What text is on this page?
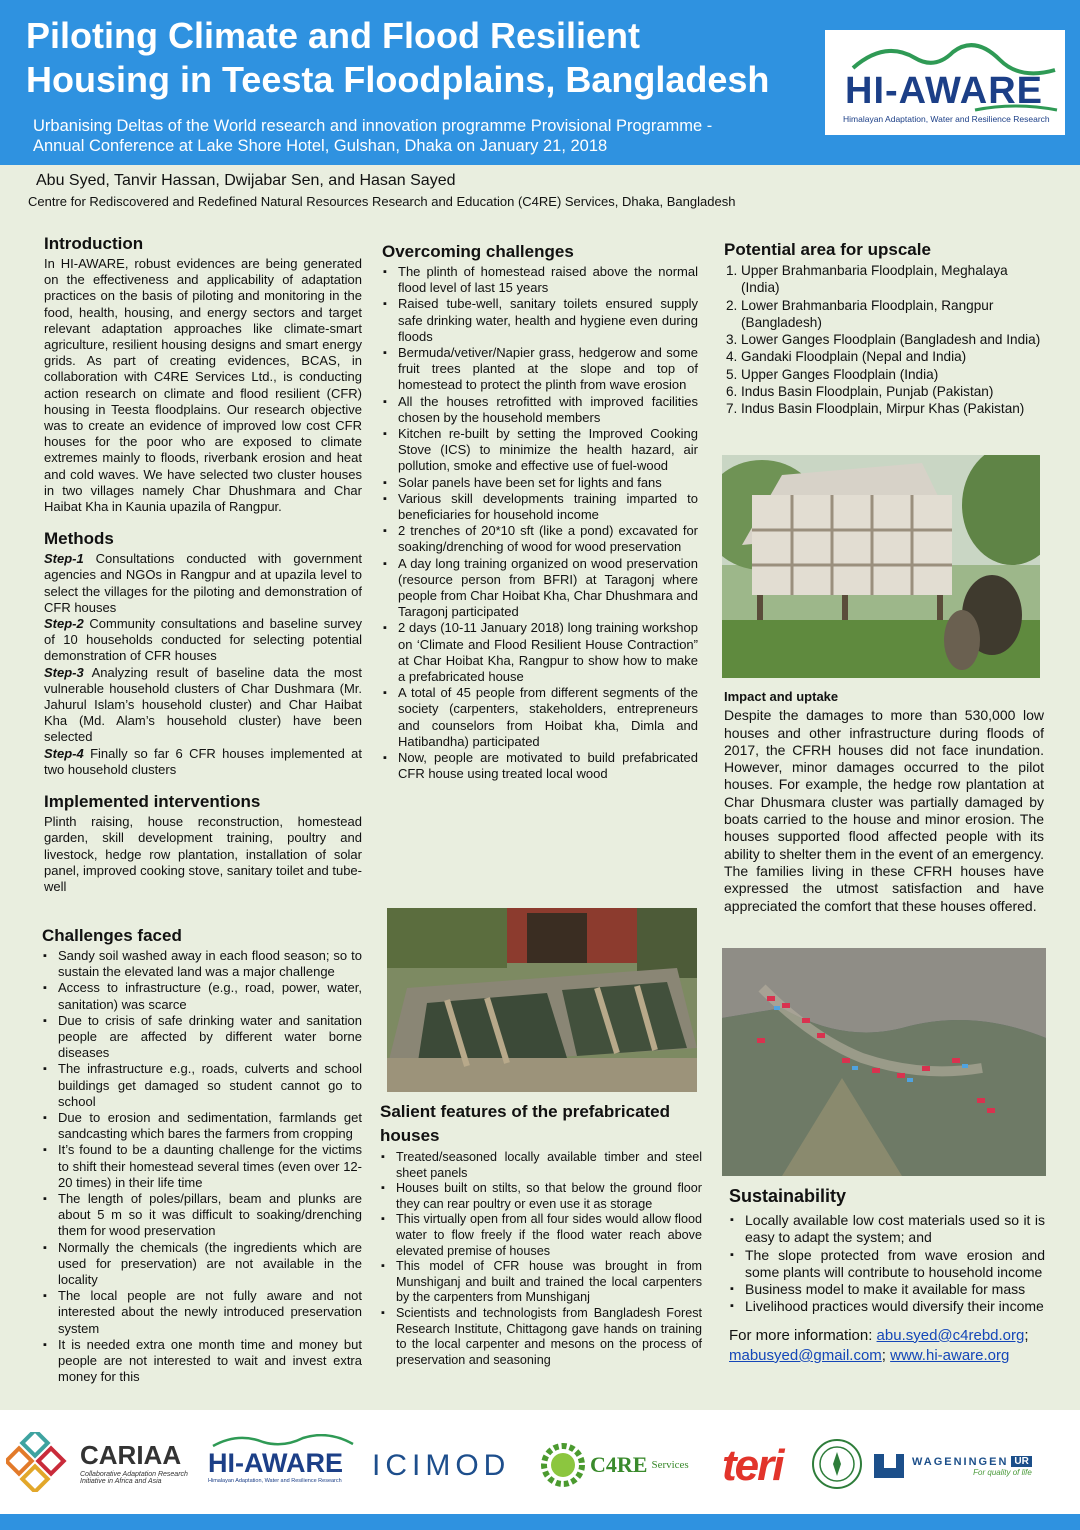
Piloting Climate and Flood Resilient
Housing in Teesta Floodplains, Bangladesh
Urbanising Deltas of the World research and innovation programme Provisional Programme -
Annual Conference at Lake Shore Hotel, Gulshan, Dhaka on January 21, 2018
HI-AWARE
Himalayan Adaptation, Water and Resilience Research
Abu Syed, Tanvir Hassan, Dwijabar Sen, and Hasan Sayed
Centre for Rediscovered and Redefined Natural Resources Research and Education (C4RE) Services, Dhaka, Bangladesh
Introduction

In HI-AWARE, robust evidences are being generated on the effectiveness and applicability of adaptation practices on the basis of piloting and monitoring in the food, health, housing, and energy sectors and target relevant adaptation approaches like climate-smart agriculture, resilient housing designs and smart energy grids. As part of creating evidences, BCAS, in collaboration with C4RE Services Ltd., is conducting action research on climate and flood resilient (CFR) housing in Teesta floodplains. Our research objective was to create an evidence of improved low cost CFR houses for the poor who are exposed to climate extremes mainly to floods, riverbank erosion and heat and cold waves. We have selected two cluster houses in two villages namely Char Dhushmara and Char Haibat Kha in Kaunia upazila of Rangpur.

Methods

Step-1 Consultations conducted with government agencies and NGOs in Rangpur and at upazila level to select the villages for the piloting and demonstration of CFR houses

Step-2 Community consultations and baseline survey of 10 households conducted for selecting potential demonstration of CFR houses

Step-3 Analyzing result of baseline data the most vulnerable household clusters of Char Dushmara (Mr. Jahurul Islam’s household cluster) and Char Haibat Kha (Md. Alam’s household cluster) have been selected

Step-4 Finally so far 6 CFR houses implemented at two household clusters

Implemented interventions

Plinth raising, house reconstruction, homestead garden, skill development training, poultry and livestock, hedge row plantation, installation of solar panel, improved cooking stove, sanitary toilet and tube-well

Challenges faced
▪ Sandy soil washed away in each flood season; so to sustain the elevated land was a major challenge
▪ Access to infrastructure (e.g., road, power, water, sanitation) was scarce
▪ Due to crisis of safe drinking water and sanitation people are affected by different water borne diseases
▪ The infrastructure e.g., roads, culverts and school buildings get damaged so student cannot go to school
▪ Due to erosion and sedimentation, farmlands get sandcasting which bares the farmers from cropping
▪ It’s found to be a daunting challenge for the victims to shift their homestead several times (even over 12-20 times) in their life time
▪ The length of poles/pillars, beam and plunks are about 5 m so it was difficult to soaking/drenching them for wood preservation
▪ Normally the chemicals (the ingredients which are used for preservation) are not available in the locality
▪ The local people are not fully aware and not interested about the newly introduced preservation system
▪ It is needed extra one month time and money but people are not interested to wait and invest extra money for this
Overcoming challenges
▪ The plinth of homestead raised above the normal flood level of last 15 years
▪ Raised tube-well, sanitary toilets ensured supply safe drinking water, health and hygiene even during floods
▪ Bermuda/vetiver/Napier grass, hedgerow and some fruit trees planted at the slope and top of homestead to protect the plinth from wave erosion
▪ All the houses retrofitted with improved facilities chosen by the household members
▪ Kitchen re-built by setting the Improved Cooking Stove (ICS) to minimize the health hazard, air pollution, smoke and effective use of fuel-wood
▪ Solar panels have been set for lights and fans
▪ Various skill developments training imparted to beneficiaries for household income
▪ 2 trenches of 20*10 sft (like a pond) excavated for soaking/drenching of wood for wood preservation
▪ A day long training organized on wood preservation (resource person from BFRI) at Taragonj where people from Char Hoibat Kha, Char Dhushmara and Taragonj participated
▪ 2 days (10-11 January 2018) long training workshop on ‘Climate and Flood Resilient House Contraction” at Char Hoibat Kha, Rangpur to show how to make a prefabricated house
▪ A total of 45 people from different segments of the society (carpenters, stakeholders, entrepreneurs and counselors from Hoibat kha, Dimla and Hatibandha) participated
▪ Now, people are motivated to build prefabricated CFR house using treated local wood
Salient features of the prefabricated houses
▪ Treated/seasoned locally available timber and steel sheet panels
▪ Houses built on stilts, so that below the ground floor they can rear poultry or even use it as storage
▪ This virtually open from all four sides would allow flood water to flow freely if the flood water reach above elevated premise of houses
▪ This model of CFR house was brought in from Munshiganj and built and trained the local carpenters by the carpenters from Munshiganj
▪ Scientists and technologists from Bangladesh Forest Research Institute, Chittagong gave hands on training to the local carpenter and mesons on the process of preservation and seasoning
Potential area for upscale
1. Upper Brahmanbaria Floodplain, Meghalaya (India)
2. Lower Brahmanbaria Floodplain, Rangpur (Bangladesh)
3. Lower Ganges Floodplain (Bangladesh and India)
4. Gandaki Floodplain (Nepal and India)
5. Upper Ganges Floodplain (India)
6. Indus Basin Floodplain, Punjab (Pakistan)
7. Indus Basin Floodplain, Mirpur Khas (Pakistan)
Impact and uptake

Despite the damages to more than 530,000 low houses and other infrastructure during floods of 2017, the CFRH houses did not face inundation. However, minor damages occurred to the pilot houses. For example, the hedge row plantation at Char Dhusmara cluster was partially damaged by boats carried to the house and minor erosion. The houses supported flood affected people with its ability to shelter them in the event of an emergency. The families living in these CFRH houses have expressed the utmost satisfaction and have appreciated the comfort that these houses offered.

Sustainability
▪ Locally available low cost materials used so it is easy to adapt the system; and
▪ The slope protected from wave erosion and some plants will contribute to household income
▪ Business model to make it available for mass
▪ Livelihood practices would diversify their income
For more information: abu.syed@c4rebd.org;
mabusyed@gmail.com; www.hi-aware.org
CARIAA
Collaborative Adaptation Research
Initiative in Africa and Asia
HI-AWARE
Himalayan Adaptation, Water and Resilience Research ICIMOD	C4RE Services teri	WAGENINGEN UR
For quality of life
